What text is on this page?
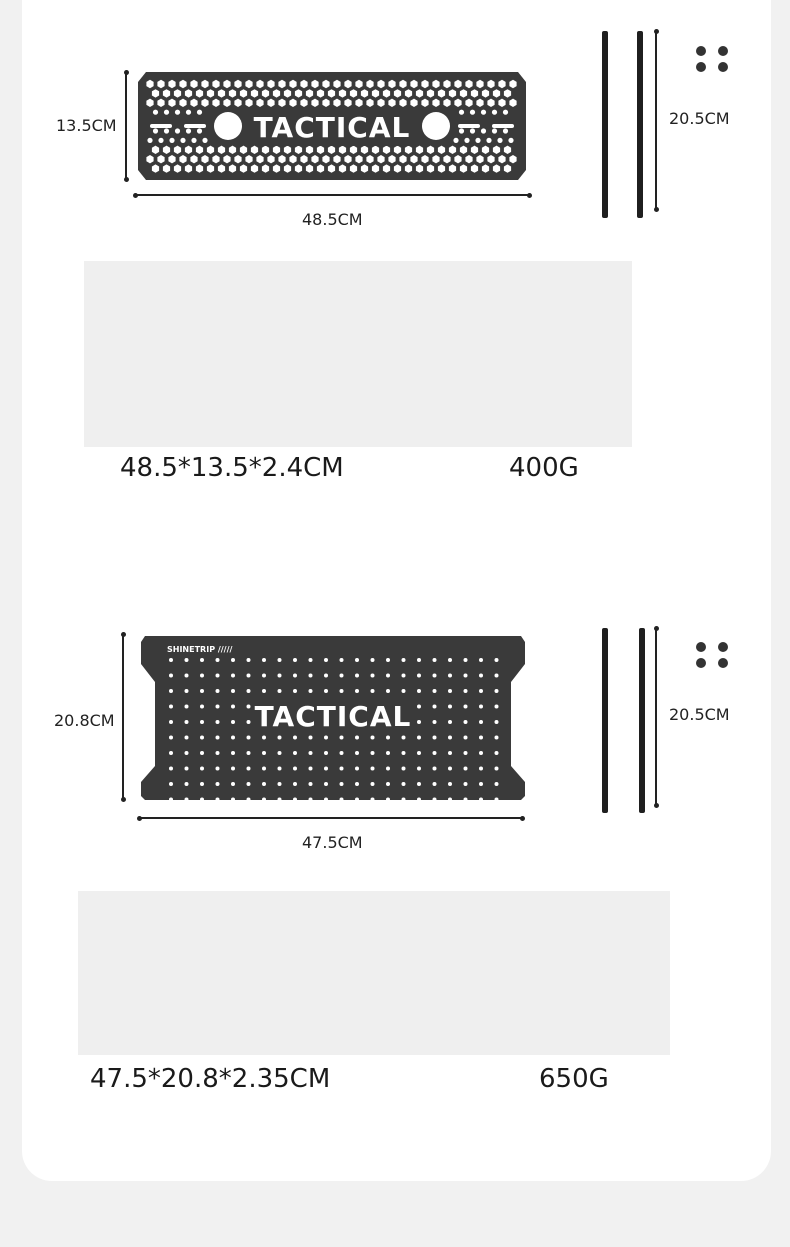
13.5CM	TACTICAL
48.5CM
20.5CM
48.5*13.5*2.4CM	400G
20.8CM
SHINETRIP /////
TACTICAL
47.5CM
20.5CM
47.5*20.8*2.35CM	650G
